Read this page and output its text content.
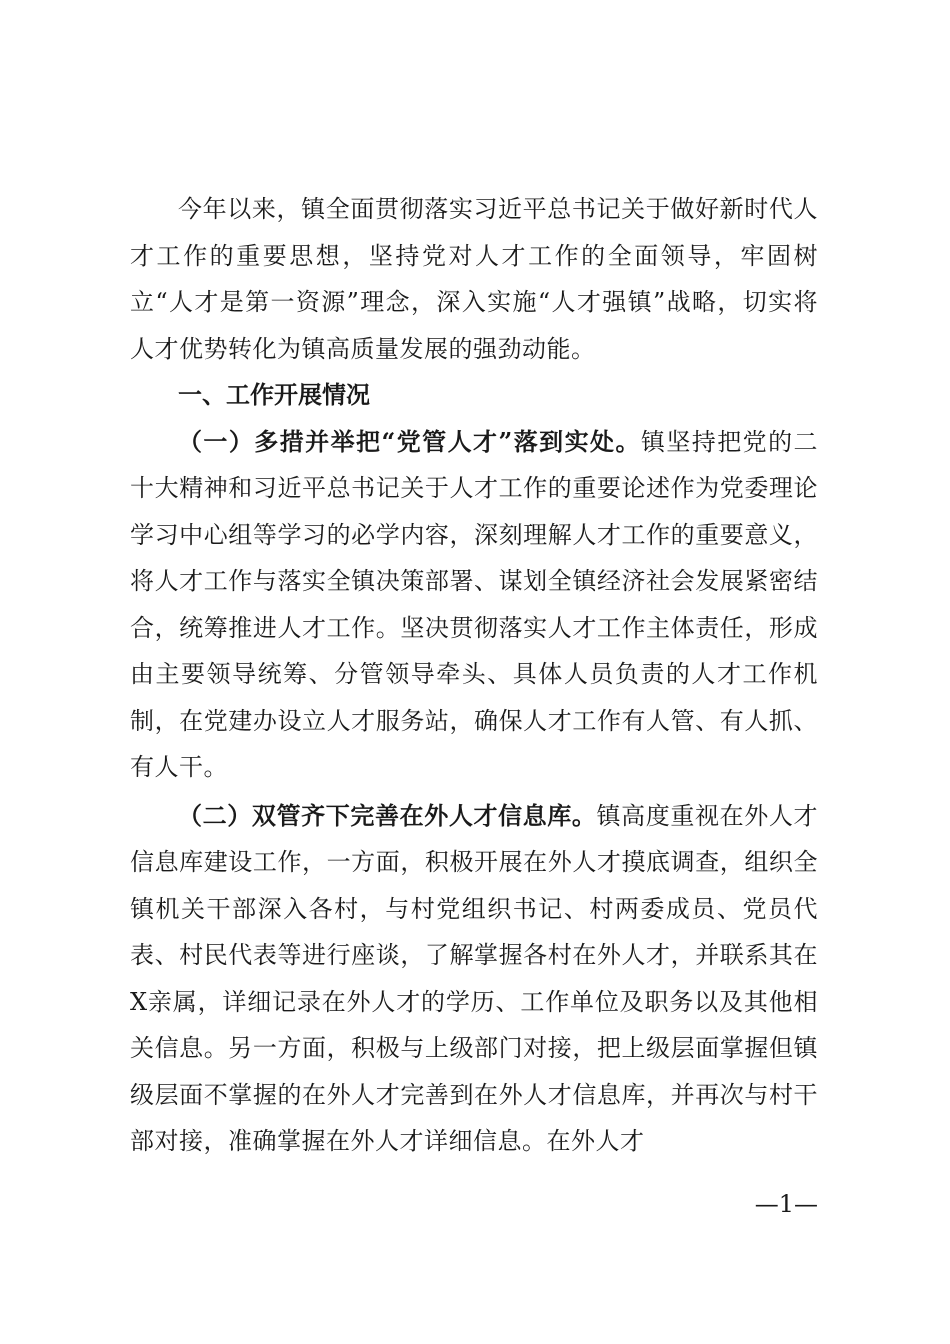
今年以来，镇全面贯彻落实习近平总书记关于做好新时代人才工作的重要思想，坚持党对人才工作的全面领导，牢固树立“人才是第一资源”理念，深入实施“人才强镇”战略，切实将人才优势转化为镇高质量发展的强劲动能。

一、工作开展情况

（一）多措并举把“党管人才”落到实处。镇坚持把党的二十大精神和习近平总书记关于人才工作的重要论述作为党委理论学习中心组等学习的必学内容，深刻理解人才工作的重要意义，将人才工作与落实全镇决策部署、谋划全镇经济社会发展紧密结合，统筹推进人才工作。坚决贯彻落实人才工作主体责任，形成由主要领导统筹、分管领导牵头、具体人员负责的人才工作机制，在党建办设立人才服务站，确保人才工作有人管、有人抓、有人干。

（二）双管齐下完善在外人才信息库。镇高度重视在外人才信息库建设工作，一方面，积极开展在外人才摸底调查，组织全镇机关干部深入各村，与村党组织书记、村两委成员、党员代表、村民代表等进行座谈，了解掌握各村在外人才，并联系其在X亲属，详细记录在外人才的学历、工作单位及职务以及其他相关信息。另一方面，积极与上级部门对接，把上级层面掌握但镇级层面不掌握的在外人才完善到在外人才信息库，并再次与村干部对接，准确掌握在外人才详细信息。在外人才

—1—
